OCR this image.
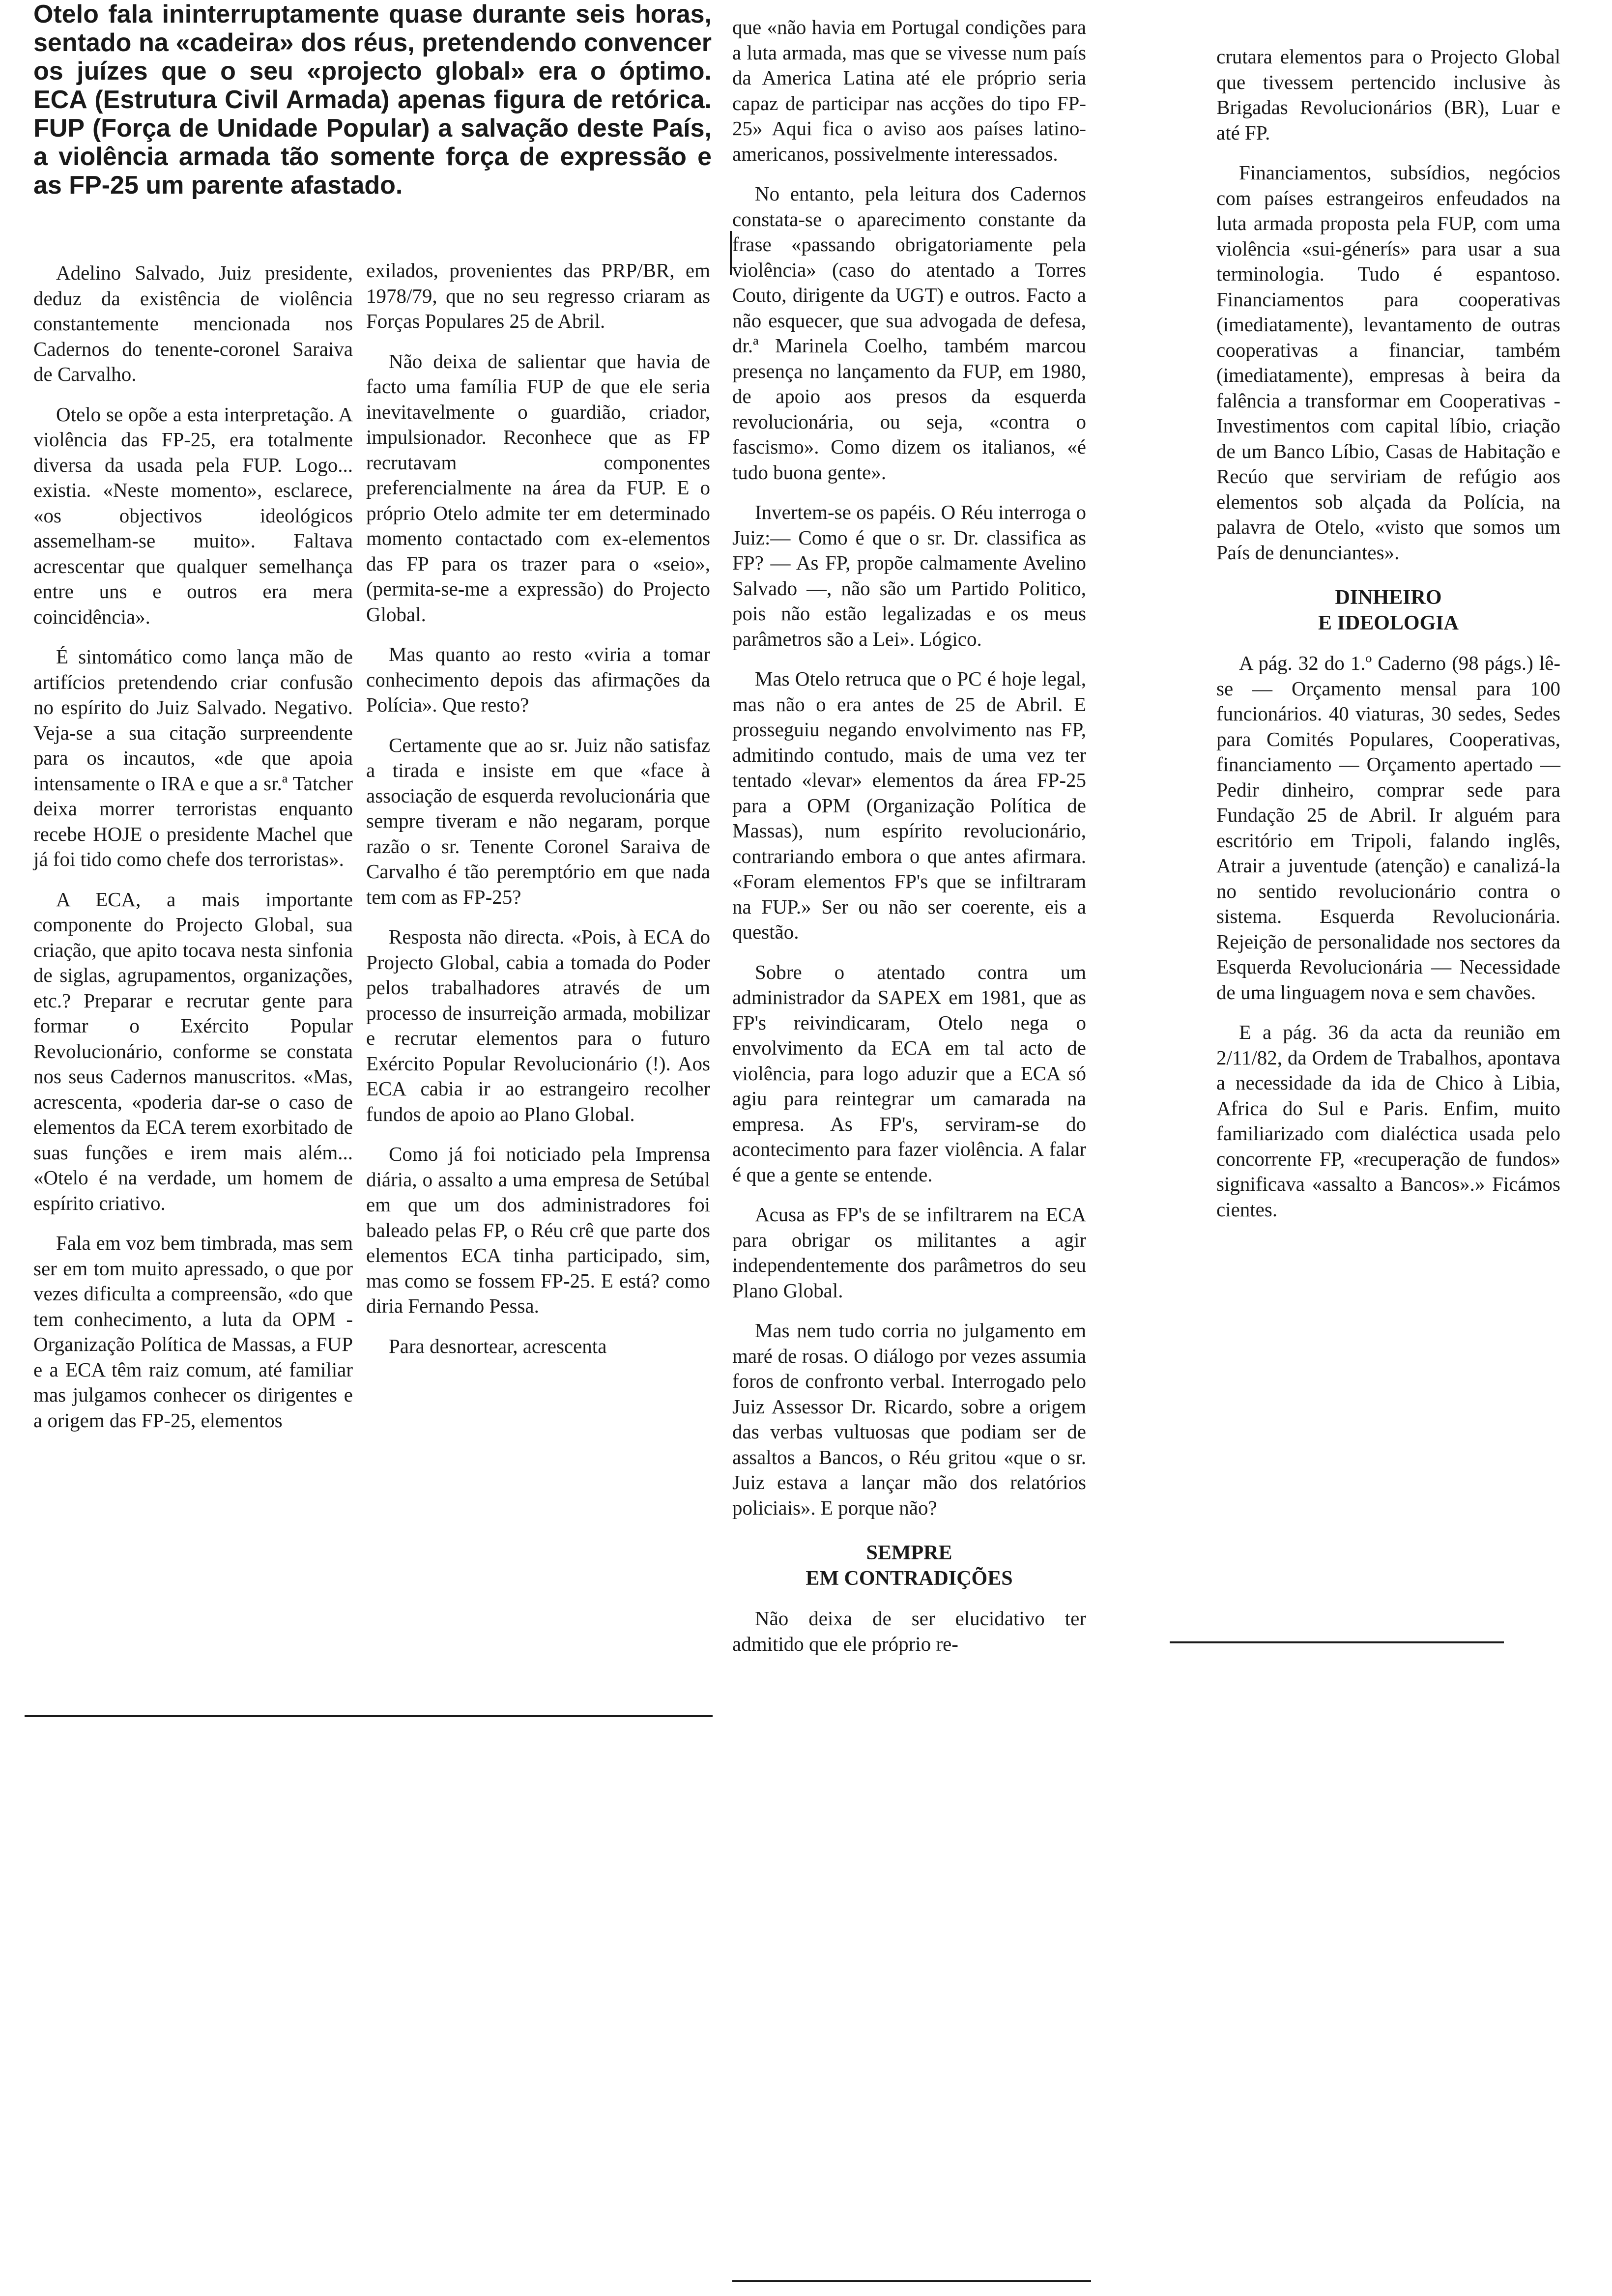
Otelo fala ininterruptamente quase durante seis horas, sentado na «cadeira» dos réus, pretendendo convencer os juízes que o seu «projecto global» era o óptimo. ECA (Estrutura Civil Armada) apenas figura de retórica. FUP (Força de Unidade Popular) a salvação deste País, a violência armada tão somente força de expressão e as FP-25 um parente afastado.

Adelino Salvado, Juiz presidente, deduz da existência de violência constantemente mencionada nos Cadernos do tenente-coronel Saraiva de Carvalho.

Otelo se opõe a esta interpretação. A violência das FP-25, era totalmente diversa da usada pela FUP. Logo... existia. «Neste momento», esclarece, «os objectivos ideológicos assemelham-se muito». Faltava acrescentar que qualquer semelhança entre uns e outros era mera coincidência».

É sintomático como lança mão de artifícios pretendendo criar confusão no espírito do Juiz Salvado. Negativo. Veja-se a sua citação surpreendente para os incautos, «de que apoia intensamente o IRA e que a sr.ª Tatcher deixa morrer terroristas enquanto recebe HOJE o presidente Machel que já foi tido como chefe dos terroristas».

A ECA, a mais importante componente do Projecto Global, sua criação, que apito tocava nesta sinfonia de siglas, agrupamentos, organizações, etc.? Preparar e recrutar gente para formar o Exército Popular Revolucionário, conforme se constata nos seus Cadernos manuscritos. «Mas, acrescenta, «poderia dar-se o caso de elementos da ECA terem exorbitado de suas funções e irem mais além... «Otelo é na verdade, um homem de espírito criativo.

Fala em voz bem timbrada, mas sem ser em tom muito apressado, o que por vezes dificulta a compreensão, «do que tem conhecimento, a luta da OPM - Organização Política de Massas, a FUP e a ECA têm raiz comum, até familiar mas julgamos conhecer os dirigentes e a origem das FP-25, elementos

exilados, provenientes das PRP/BR, em 1978/79, que no seu regresso criaram as Forças Populares 25 de Abril.

Não deixa de salientar que havia de facto uma família FUP de que ele seria inevitavelmente o guardião, criador, impulsionador. Reconhece que as FP recrutavam componentes preferencialmente na área da FUP. E o próprio Otelo admite ter em determinado momento contactado com ex-elementos das FP para os trazer para o «seio», (permita-se-me a expressão) do Projecto Global.

Mas quanto ao resto «viria a tomar conhecimento depois das afirmações da Polícia». Que resto?

Certamente que ao sr. Juiz não satisfaz a tirada e insiste em que «face à associação de esquerda revolucionária que sempre tiveram e não negaram, porque razão o sr. Tenente Coronel Saraiva de Carvalho é tão peremptório em que nada tem com as FP-25?

Resposta não directa. «Pois, à ECA do Projecto Global, cabia a tomada do Poder pelos trabalhadores através de um processo de insurreição armada, mobilizar e recrutar elementos para o futuro Exército Popular Revolucionário (!). Aos ECA cabia ir ao estrangeiro recolher fundos de apoio ao Plano Global.

Como já foi noticiado pela Imprensa diária, o assalto a uma empresa de Setúbal em que um dos administradores foi baleado pelas FP, o Réu crê que parte dos elementos ECA tinha participado, sim, mas como se fossem FP-25. E está? como diria Fernando Pessa.

Para desnortear, acrescenta

que «não havia em Portugal condições para a luta armada, mas que se vivesse num país da America Latina até ele próprio seria capaz de participar nas acções do tipo FP-25» Aqui fica o aviso aos países latino-americanos, possivelmente interessados.

No entanto, pela leitura dos Cadernos constata-se o aparecimento constante da frase «passando obrigatoriamente pela violência» (caso do atentado a Torres Couto, dirigente da UGT) e outros. Facto a não esquecer, que sua advogada de defesa, dr.ª Marinela Coelho, também marcou presença no lançamento da FUP, em 1980, de apoio aos presos da esquerda revolucionária, ou seja, «contra o fascismo». Como dizem os italianos, «é tudo buona gente».

Invertem-se os papéis. O Réu interroga o Juiz:— Como é que o sr. Dr. classifica as FP? — As FP, propõe calmamente Avelino Salvado —, não são um Partido Politico, pois não estão legalizadas e os meus parâmetros são a Lei». Lógico.

Mas Otelo retruca que o PC é hoje legal, mas não o era antes de 25 de Abril. E prosseguiu negando envolvimento nas FP, admitindo contudo, mais de uma vez ter tentado «levar» elementos da área FP-25 para a OPM (Organização Política de Massas), num espírito revolucionário, contrariando embora o que antes afirmara. «Foram elementos FP's que se infiltraram na FUP.» Ser ou não ser coerente, eis a questão.

Sobre o atentado contra um administrador da SAPEX em 1981, que as FP's reivindicaram, Otelo nega o envolvimento da ECA em tal acto de violência, para logo aduzir que a ECA só agiu para reintegrar um camarada na empresa. As FP's, serviram-se do acontecimento para fazer violência. A falar é que a gente se entende.

Acusa as FP's de se infiltrarem na ECA para obrigar os militantes a agir independentemente dos parâmetros do seu Plano Global.

Mas nem tudo corria no julgamento em maré de rosas. O diálogo por vezes assumia foros de confronto verbal. Interrogado pelo Juiz Assessor Dr. Ricardo, sobre a origem das verbas vultuosas que podiam ser de assaltos a Bancos, o Réu gritou «que o sr. Juiz estava a lançar mão dos relatórios policiais». E porque não?

SEMPRE
EM CONTRADIÇÕES

Não deixa de ser elucidativo ter admitido que ele próprio re-

crutara elementos para o Projecto Global que tivessem pertencido inclusive às Brigadas Revolucionários (BR), Luar e até FP.

Financiamentos, subsídios, negócios com países estrangeiros enfeudados na luta armada proposta pela FUP, com uma violência «sui-génerís» para usar a sua terminologia. Tudo é espantoso. Financiamentos para cooperativas (imediatamente), levantamento de outras cooperativas a financiar, também (imediatamente), empresas à beira da falência a transformar em Cooperativas - Investimentos com capital líbio, criação de um Banco Líbio, Casas de Habitação e Recúo que serviriam de refúgio aos elementos sob alçada da Polícia, na palavra de Otelo, «visto que somos um País de denunciantes».

DINHEIRO
E IDEOLOGIA

A pág. 32 do 1.º Caderno (98 págs.) lê-se — Orçamento mensal para 100 funcionários. 40 viaturas, 30 sedes, Sedes para Comités Populares, Cooperativas, financiamento — Orçamento apertado — Pedir dinheiro, comprar sede para Fundação 25 de Abril. Ir alguém para escritório em Tripoli, falando inglês, Atrair a juventude (atenção) e canalizá-la no sentido revolucionário contra o sistema. Esquerda Revolucionária. Rejeição de personalidade nos sectores da Esquerda Revolucionária — Necessidade de uma linguagem nova e sem chavões.

E a pág. 36 da acta da reunião em 2/11/82, da Ordem de Trabalhos, apontava a necessidade da ida de Chico à Libia, Africa do Sul e Paris. Enfim, muito familiarizado com dialéctica usada pelo concorrente FP, «recuperação de fundos» significava «assalto a Bancos».» Ficámos cientes.
